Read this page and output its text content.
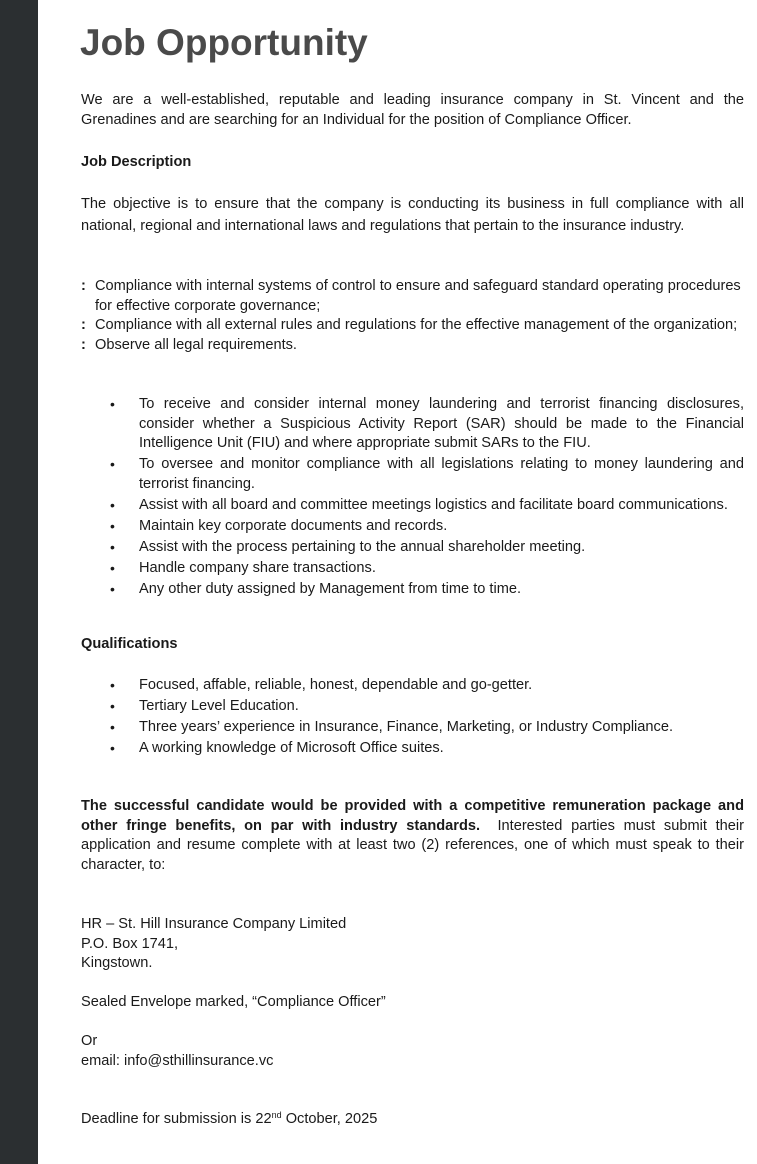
Job Opportunity

We are a well-established, reputable and leading insurance company in St. Vincent and the Grenadines and are searching for an Individual for the position of Compliance Officer.

Job Description

The objective is to ensure that the company is conducting its business in full compliance with all national, regional and international laws and regulations that pertain to the insurance industry.

: Compliance with internal systems of control to ensure and safeguard standard operating procedures for effective corporate governance;
: Compliance with all external rules and regulations for the effective management of the organization;
: Observe all legal requirements.
• To receive and consider internal money laundering and terrorist financing disclosures, consider whether a Suspicious Activity Report (SAR) should be made to the Financial Intelligence Unit (FIU) and where appropriate submit SARs to the FIU.
• To oversee and monitor compliance with all legislations relating to money laundering and terrorist financing.
• Assist with all board and committee meetings logistics and facilitate board communications.
• Maintain key corporate documents and records.
• Assist with the process pertaining to the annual shareholder meeting.
• Handle company share transactions.
• Any other duty assigned by Management from time to time.
Qualifications
• Focused, affable, reliable, honest, dependable and go-getter.
• Tertiary Level Education.
• Three years’ experience in Insurance, Finance, Marketing, or Industry Compliance.
• A working knowledge of Microsoft Office suites.

The successful candidate would be provided with a competitive remuneration package and other fringe benefits, on par with industry standards. Interested parties must submit their application and resume complete with at least two (2) references, one of which must speak to their character, to:

HR – St. Hill Insurance Company Limited
P.O. Box 1741,
Kingstown.

Sealed Envelope marked, “Compliance Officer”

Or

email: info@sthillinsurance.vc

Deadline for submission is 22nd October, 2025
